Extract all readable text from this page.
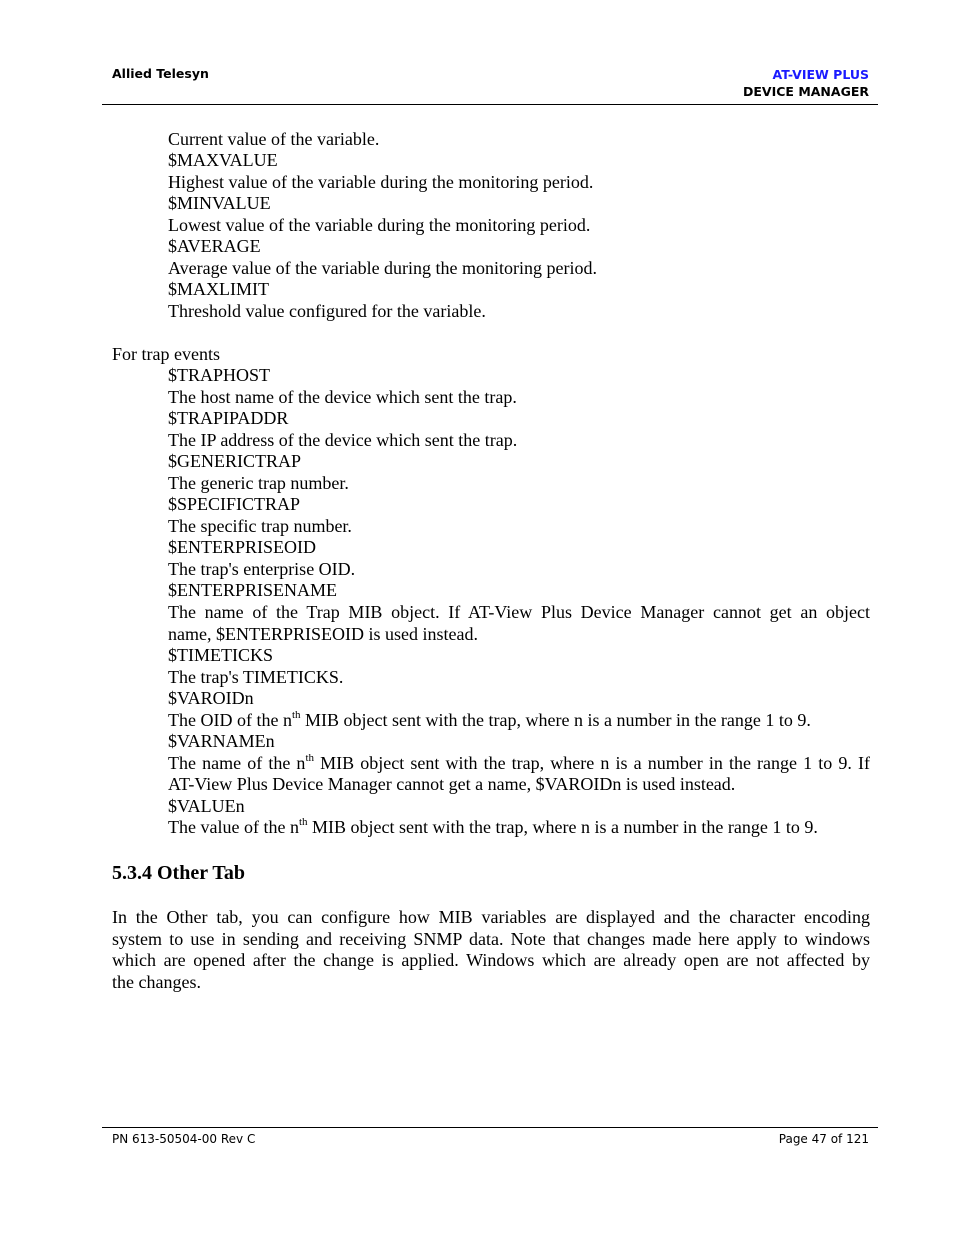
Allied Telesyn	AT-VIEW PLUS
DEVICE MANAGER
Current value of the variable.
$MAXVALUE
Highest value of the variable during the monitoring period.
$MINVALUE
Lowest value of the variable during the monitoring period.
$AVERAGE
Average value of the variable during the monitoring period.
$MAXLIMIT
Threshold value configured for the variable.
For trap events
$TRAPHOST
The host name of the device which sent the trap.
$TRAPIPADDR
The IP address of the device which sent the trap.
$GENERICTRAP
The generic trap number.
$SPECIFICTRAP
The specific trap number.
$ENTERPRISEOID
The trap's enterprise OID.
$ENTERPRISENAME
The name of the Trap MIB object. If AT-View Plus Device Manager cannot get an object
name, $ENTERPRISEOID is used instead.
$TIMETICKS
The trap's TIMETICKS.
$VAROIDn
The OID of the $n^{th}$ MIB object sent with the trap, where n is a number in the range 1 to 9.
$VARNAMEn
The name of the $n^{th}$ MIB object sent with the trap, where n is a number in the range 1 to 9. If
AT-View Plus Device Manager cannot get a name, $VAROIDn is used instead.
$VALUEn
The value of the $n^{th}$ MIB object sent with the trap, where n is a number in the range 1 to 9.
5.3.4 Other Tab
In the Other tab, you can configure how MIB variables are displayed and the character encoding
system to use in sending and receiving SNMP data. Note that changes made here apply to windows
which are opened after the change is applied. Windows which are already open are not affected by
the changes.
PN 613-50504-00 Rev C	Page 47 of 121
